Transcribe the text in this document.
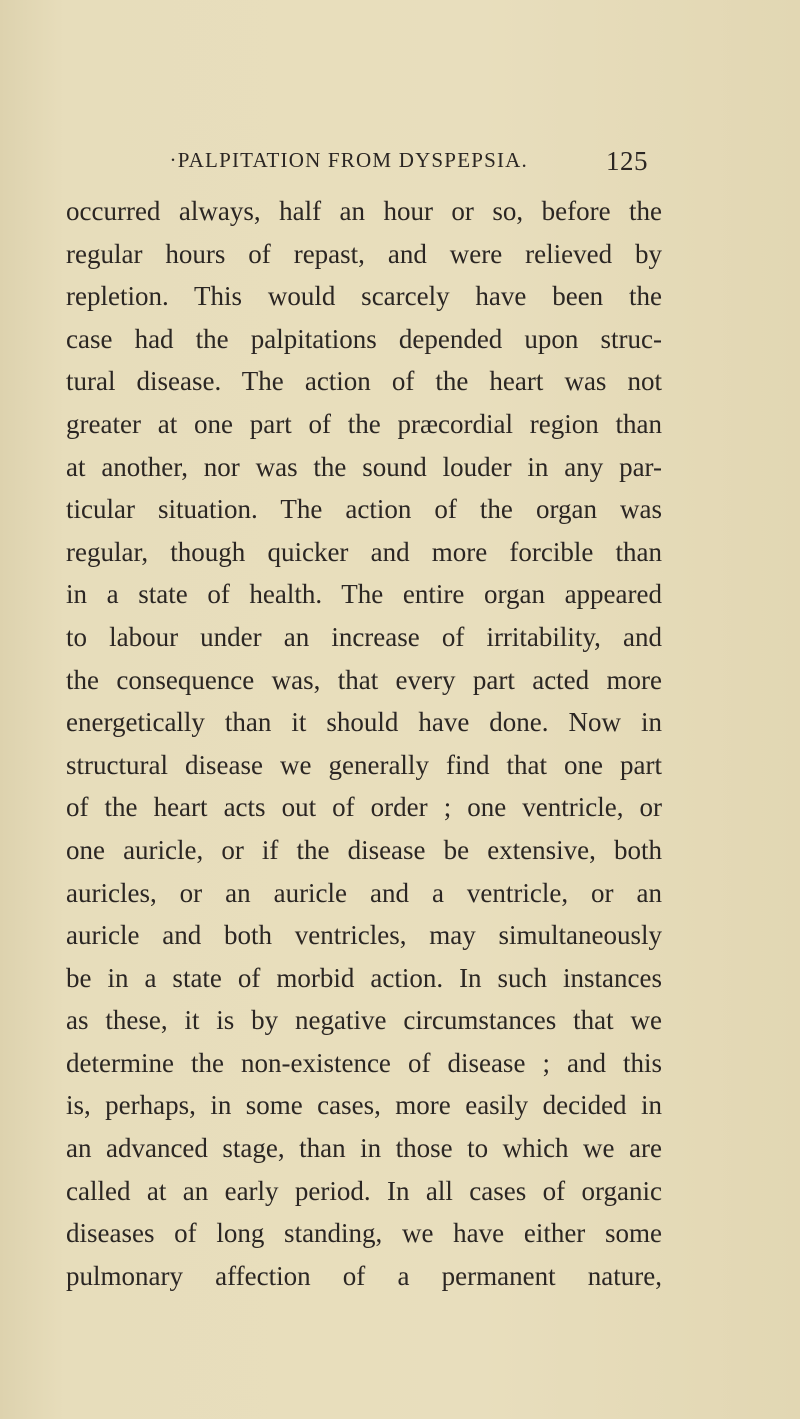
·PALPITATION FROM DYSPEPSIA.	125
occurred always, half an hour or so, before the
regular hours of repast, and were relieved by
repletion. This would scarcely have been the
case had the palpitations depended upon struc-
tural disease. The action of the heart was not
greater at one part of the præcordial region than
at another, nor was the sound louder in any par-
ticular situation. The action of the organ was
regular, though quicker and more forcible than
in a state of health. The entire organ appeared
to labour under an increase of irritability, and
the consequence was, that every part acted more
energetically than it should have done. Now in
structural disease we generally find that one part
of the heart acts out of order ; one ventricle, or
one auricle, or if the disease be extensive, both
auricles, or an auricle and a ventricle, or an
auricle and both ventricles, may simultaneously
be in a state of morbid action. In such instances
as these, it is by negative circumstances that we
determine the non-existence of disease ; and this
is, perhaps, in some cases, more easily decided in
an advanced stage, than in those to which we are
called at an early period. In all cases of organic
diseases of long standing, we have either some
pulmonary affection of a permanent nature,
